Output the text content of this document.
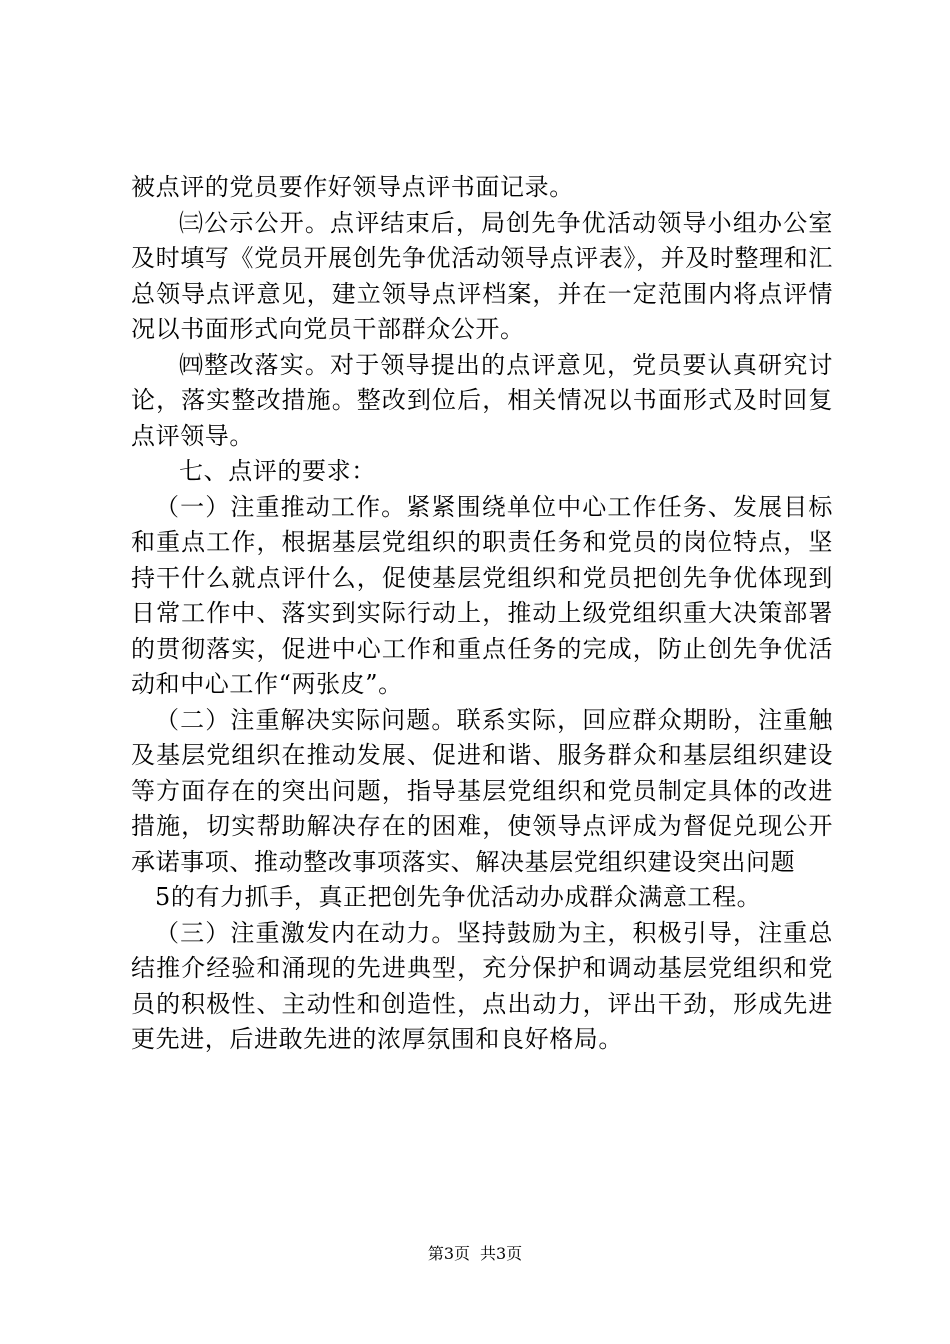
被点评的党员要作好领导点评书面记录。

㈢公示公开。点评结束后，局创先争优活动领导小组办公室及时填写《党员开展创先争优活动领导点评表》，并及时整理和汇总领导点评意见，建立领导点评档案，并在一定范围内将点评情况以书面形式向党员干部群众公开。

㈣整改落实。对于领导提出的点评意见，党员要认真研究讨论，落实整改措施。整改到位后，相关情况以书面形式及时回复点评领导。

七、点评的要求：

（一）注重推动工作。紧紧围绕单位中心工作任务、发展目标和重点工作，根据基层党组织的职责任务和党员的岗位特点，坚持干什么就点评什么，促使基层党组织和党员把创先争优体现到日常工作中、落实到实际行动上，推动上级党组织重大决策部署的贯彻落实，促进中心工作和重点任务的完成，防止创先争优活动和中心工作“两张皮”。

（二）注重解决实际问题。联系实际，回应群众期盼，注重触及基层党组织在推动发展、促进和谐、服务群众和基层组织建设等方面存在的突出问题，指导基层党组织和党员制定具体的改进措施，切实帮助解决存在的困难，使领导点评成为督促兑现公开承诺事项、推动整改事项落实、解决基层党组织建设突出问题

5的有力抓手，真正把创先争优活动办成群众满意工程。

（三）注重激发内在动力。坚持鼓励为主，积极引导，注重总结推介经验和涌现的先进典型，充分保护和调动基层党组织和党员的积极性、主动性和创造性，点出动力，评出干劲，形成先进更先进，后进敢先进的浓厚氛围和良好格局。

第3页 共3页
